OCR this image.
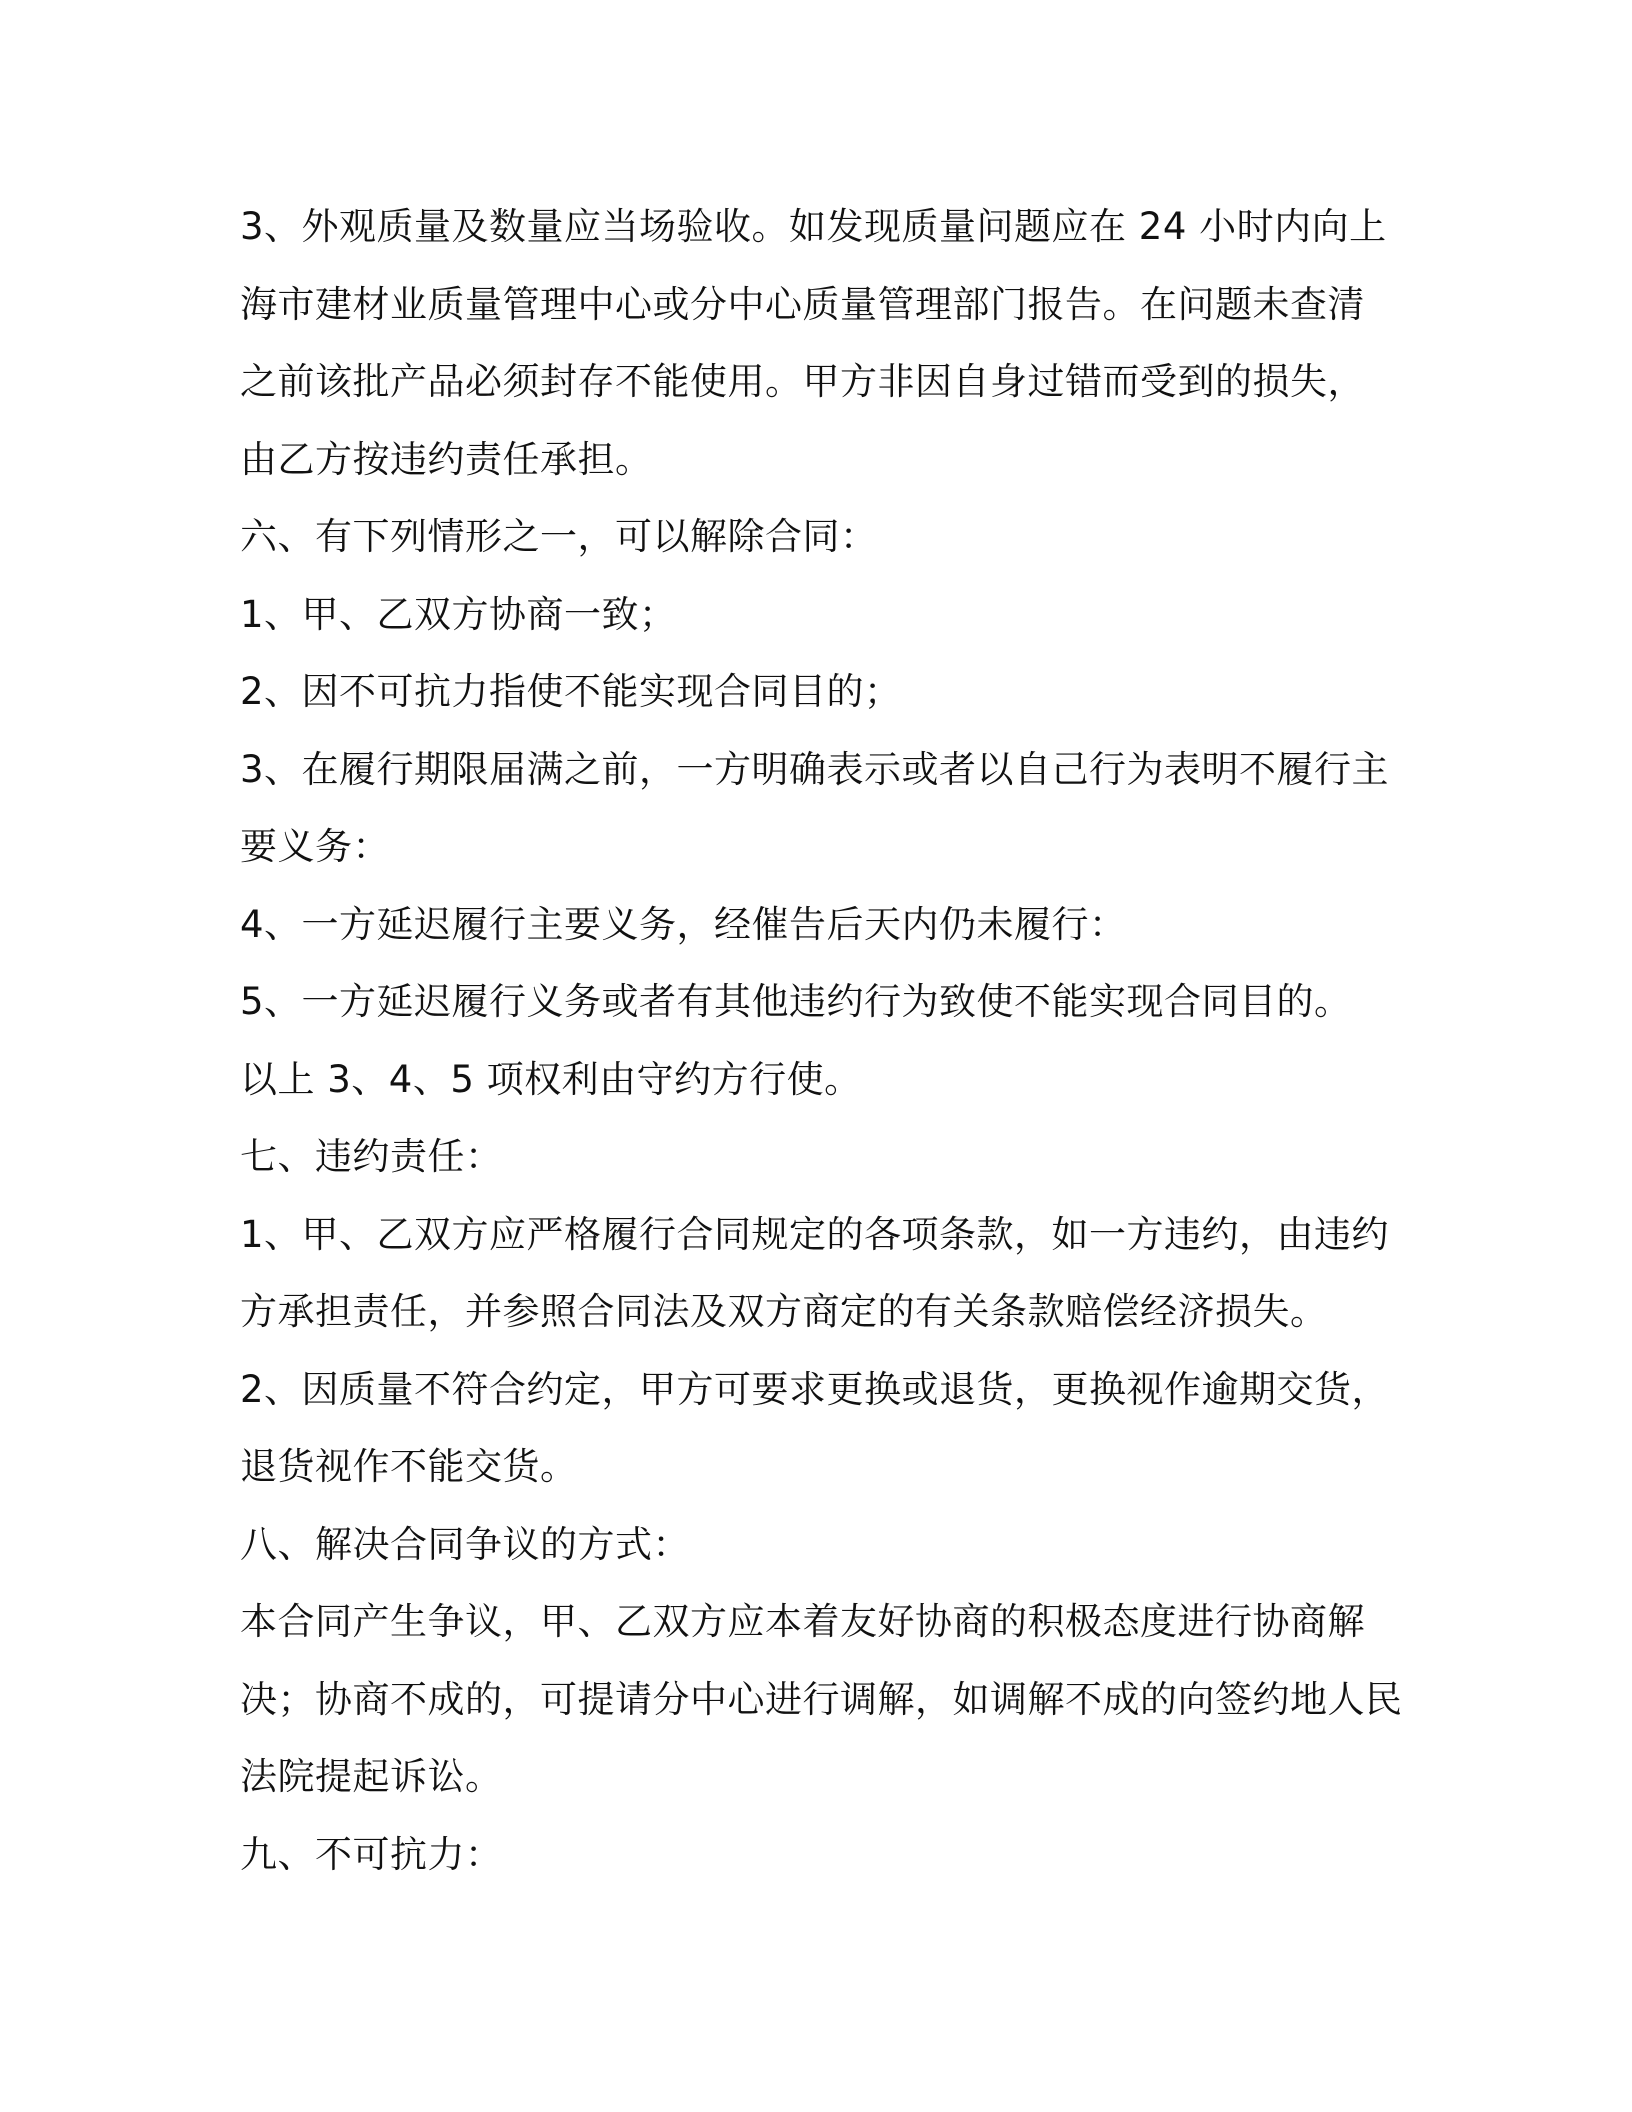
3、外观质量及数量应当场验收。如发现质量问题应在 24 小时内向上
海市建材业质量管理中心或分中心质量管理部门报告。在问题未查清
之前该批产品必须封存不能使用。甲方非因自身过错而受到的损失，
由乙方按违约责任承担。
六、有下列情形之一，可以解除合同：
1、甲、乙双方协商一致；
2、因不可抗力指使不能实现合同目的；
3、在履行期限届满之前，一方明确表示或者以自己行为表明不履行主
要义务：
4、一方延迟履行主要义务，经催告后天内仍未履行：
5、一方延迟履行义务或者有其他违约行为致使不能实现合同目的。
以上 3、4、5 项权利由守约方行使。
七、违约责任：
1、甲、乙双方应严格履行合同规定的各项条款，如一方违约，由违约
方承担责任，并参照合同法及双方商定的有关条款赔偿经济损失。
2、因质量不符合约定，甲方可要求更换或退货，更换视作逾期交货，
退货视作不能交货。
八、解决合同争议的方式：
本合同产生争议，甲、乙双方应本着友好协商的积极态度进行协商解
决；协商不成的，可提请分中心进行调解，如调解不成的向签约地人民
法院提起诉讼。
九、不可抗力：
